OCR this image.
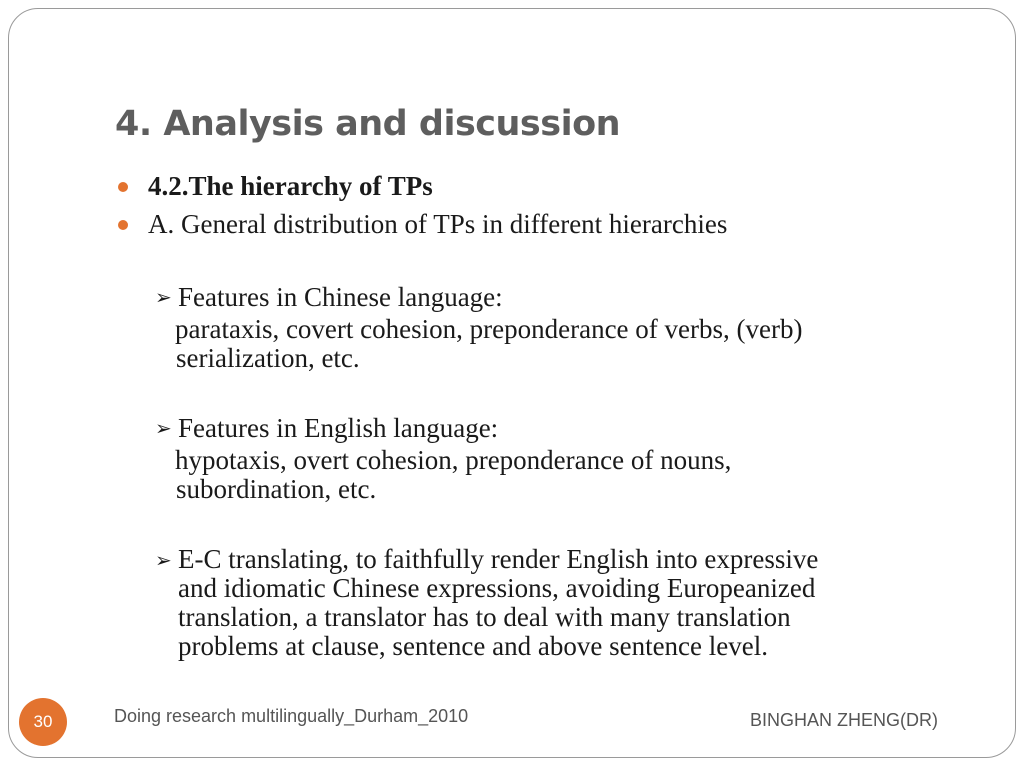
4. Analysis and discussion
4.2.The hierarchy of TPs
A. General distribution of TPs in different hierarchies
➢ Features in Chinese language:
parataxis, covert cohesion, preponderance of verbs, (verb)
serialization, etc.
➢ Features in English language:
hypotaxis, overt cohesion, preponderance of nouns,
subordination, etc.
➢ E-C translating, to faithfully render English into expressive
and idiomatic Chinese expressions, avoiding Europeanized
translation, a translator has to deal with many translation
problems at clause, sentence and above sentence level.
30	Doing research multilingually_Durham_2010	BINGHAN ZHENG(DR)
